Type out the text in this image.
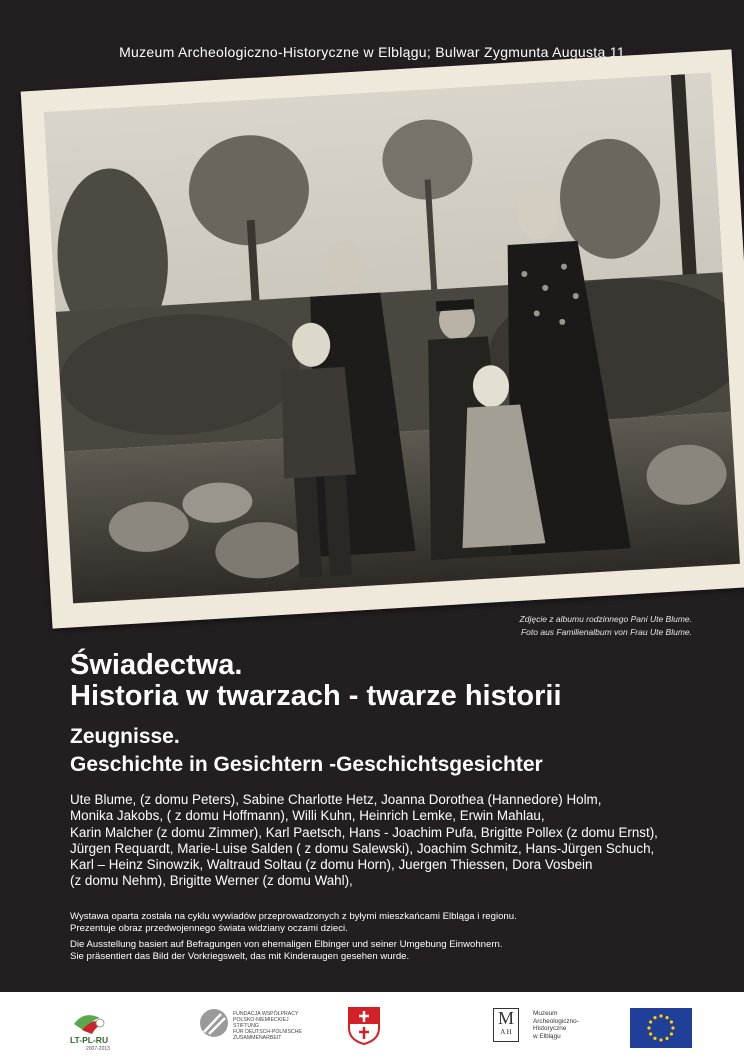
Muzeum Archeologiczno-Historyczne w Elblągu; Bulwar Zygmunta Augusta 11
Zdjęcie z albumu rodzinnego Pani Ute Blume.
Foto aus Familienalbum von Frau Ute Blume.
Świadectwa.
Historia w twarzach - twarze historii
Zeugnisse.
Geschichte in Gesichtern -Geschichtsgesichter
Ute Blume, (z domu Peters), Sabine Charlotte Hetz, Joanna Dorothea (Hannedore) Holm,
Monika Jakobs, ( z domu Hoffmann), Willi Kuhn, Heinrich Lemke, Erwin Mahlau,
Karin Malcher (z domu Zimmer), Karl Paetsch, Hans - Joachim Pufa, Brigitte Pollex (z domu Ernst),
Jürgen Requardt, Marie-Luise Salden ( z domu Salewski), Joachim Schmitz, Hans-Jürgen Schuch,
Karl – Heinz Sinowzik, Waltraud Soltau (z domu Horn), Juergen Thiessen, Dora Vosbein
(z domu Nehm), Brigitte Werner (z domu Wahl),
Wystawa oparta została na cyklu wywiadów przeprowadzonych z byłymi mieszkańcami Elbląga i regionu.
Prezentuje obraz przedwojennego świata widziany oczami dzieci.
Die Ausstellung basiert auf Befragungen von ehemaligen Elbinger und seiner Umgebung Einwohnern.
Sie präsentiert das Bild der Vorkriegswelt, das mit Kinderaugen gesehen wurde.
LT-PL-RU
2007-2013
FUNDACJA WSPÓŁPRACY
POLSKO-NIEMIECKIEJ
STIFTUNG
FÜR DEUTSCH-POLNISCHE
ZUSAMMENARBEIT
M
A H
Muzeum
Archeologiczno-
Historyczne
w Elblągu
